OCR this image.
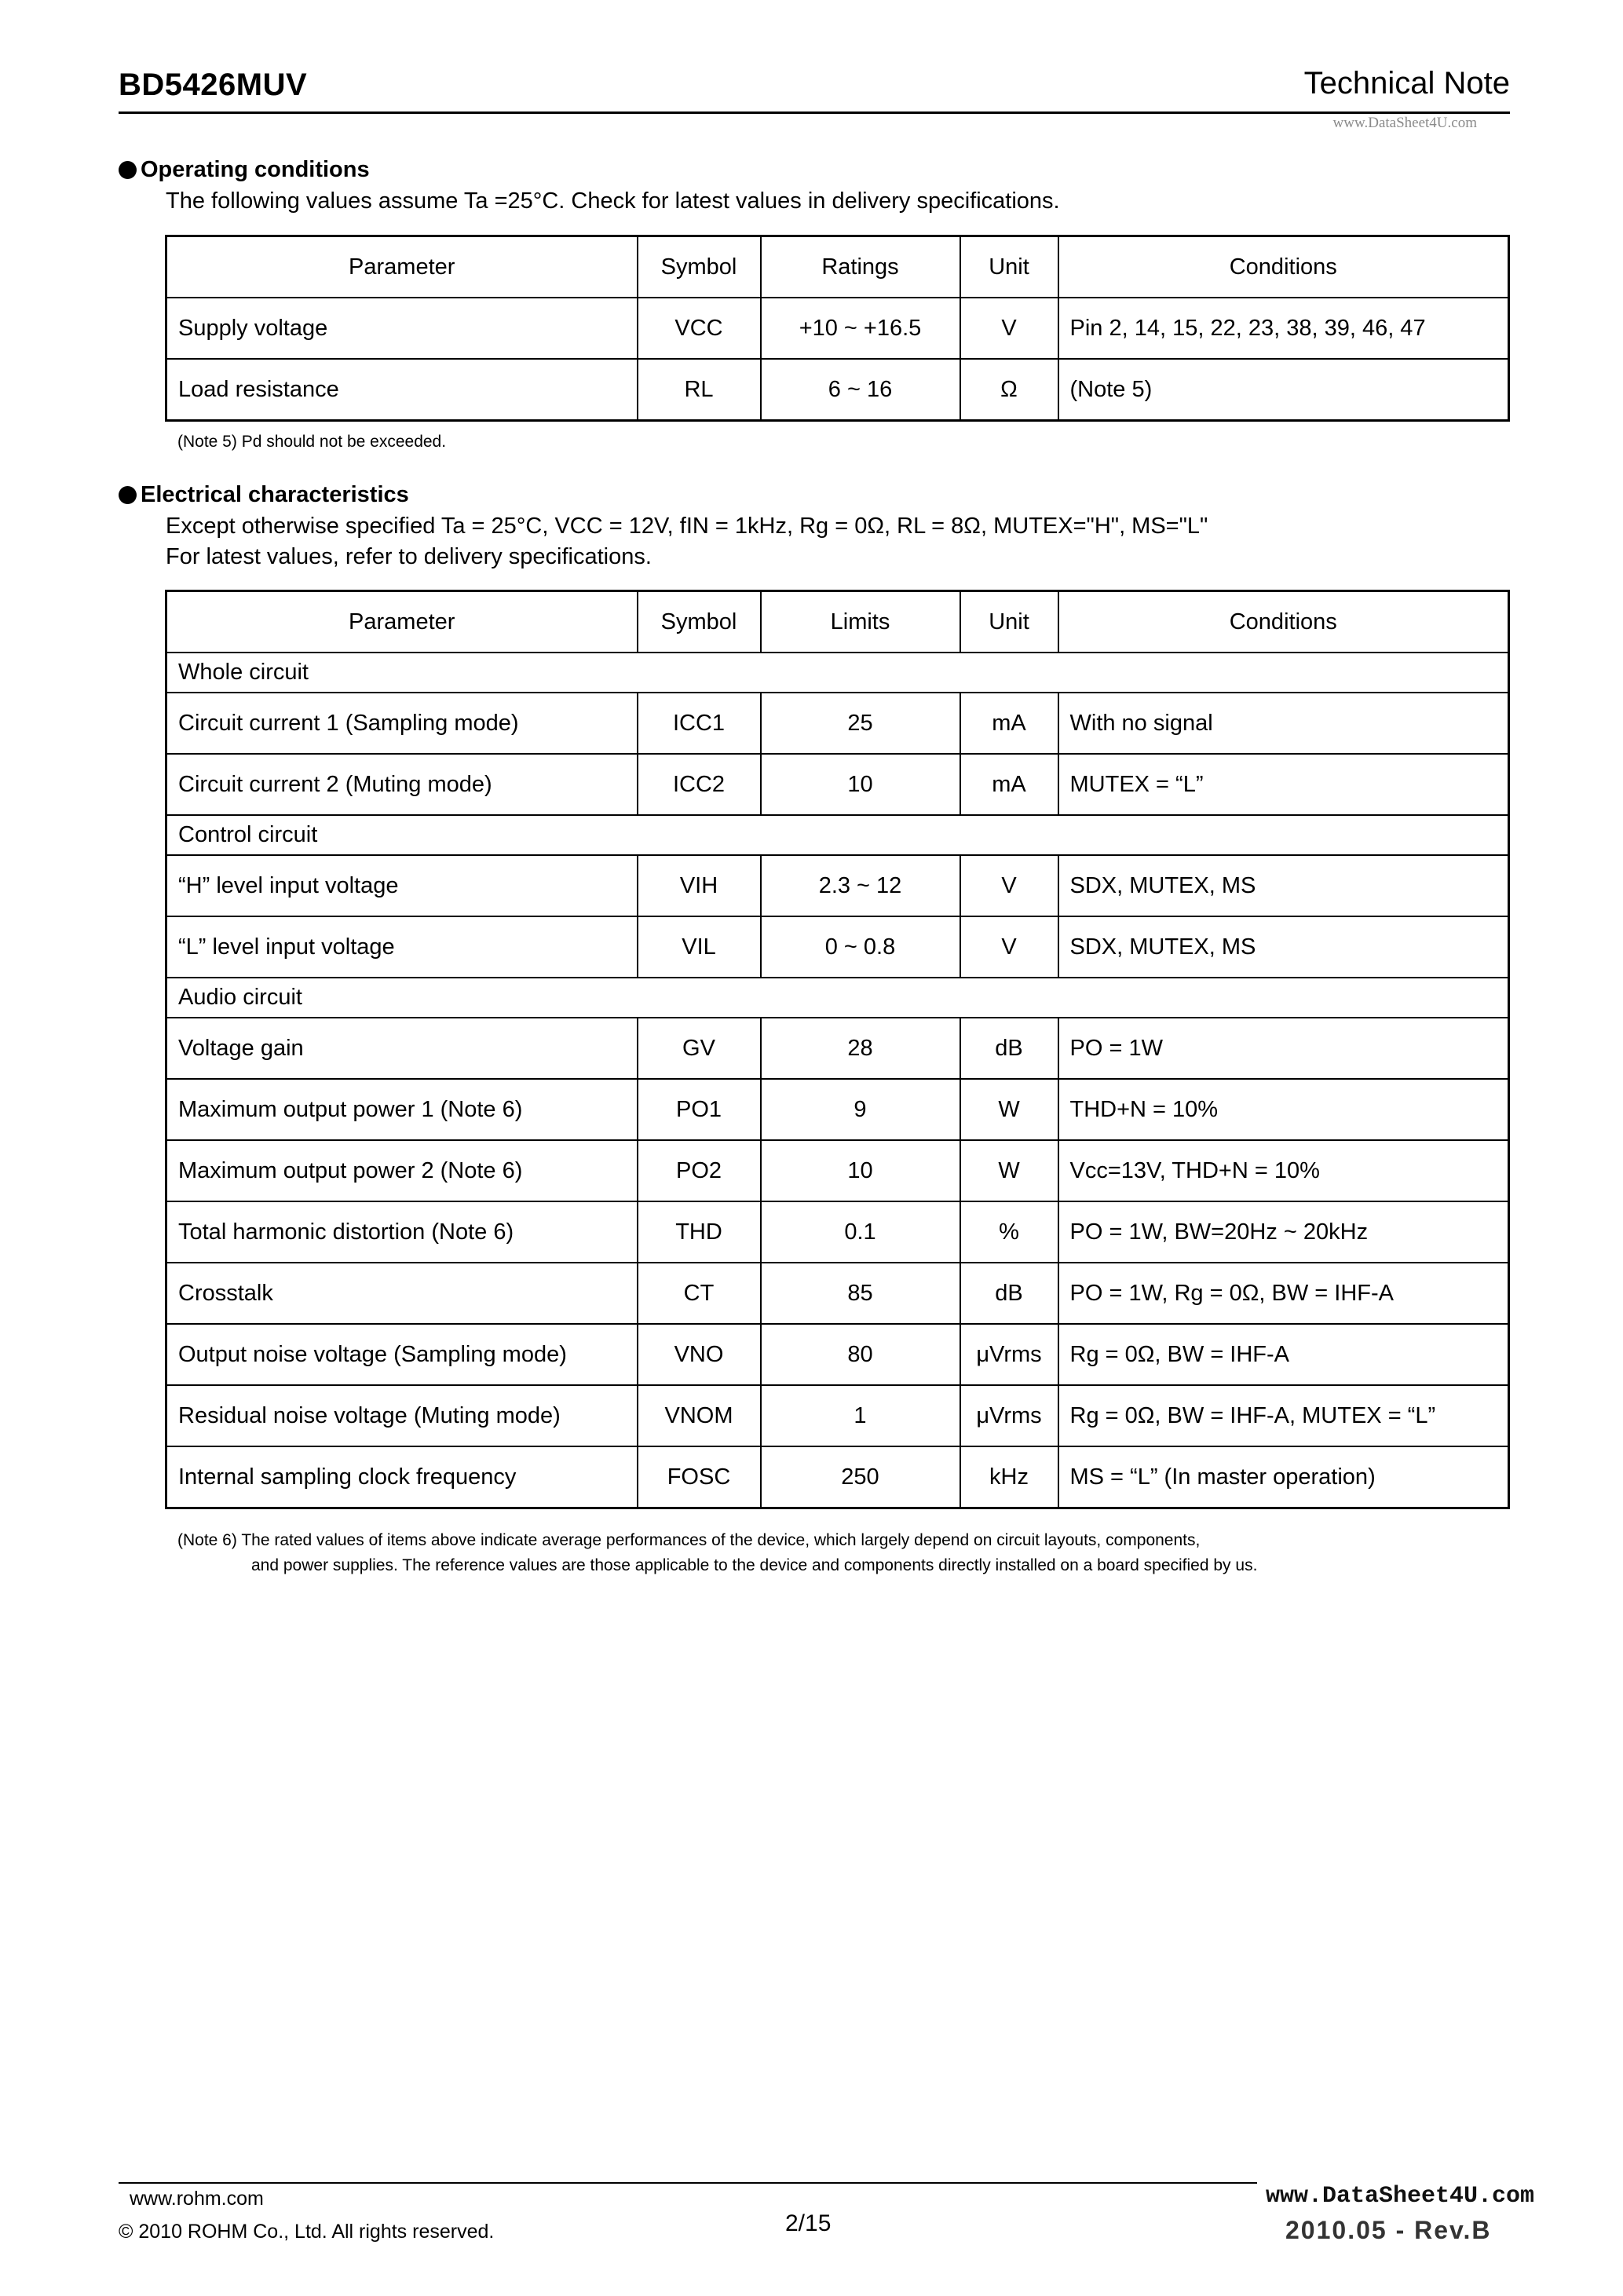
BD5426MUV	Technical Note
www.DataSheet4U.com
Operating conditions
The following values assume Ta =25°C. Check for latest values in delivery specifications.
Parameter	Symbol	Ratings	Unit	Conditions
Supply voltage	VCC	+10 ~ +16.5	V	Pin 2, 14, 15, 22, 23, 38, 39, 46, 47
Load resistance	RL	6 ~ 16	Ω	(Note 5)
(Note 5) Pd should not be exceeded.
Electrical characteristics
Except otherwise specified Ta = 25°C, VCC = 12V, fIN = 1kHz, Rg = 0Ω, RL = 8Ω, MUTEX="H", MS="L"
For latest values, refer to delivery specifications.
Parameter	Symbol	Limits	Unit	Conditions
Whole circuit				
Circuit current 1 (Sampling mode)	ICC1	25	mA	With no signal
Circuit current 2 (Muting mode)	ICC2	10	mA	MUTEX = “L”
Control circuit				
“H” level input voltage	VIH	2.3 ~ 12	V	SDX, MUTEX, MS
“L” level input voltage	VIL	0 ~ 0.8	V	SDX, MUTEX, MS
Audio circuit				
Voltage gain	GV	28	dB	PO = 1W
Maximum output power 1 (Note 6)	PO1	9	W	THD+N = 10%
Maximum output power 2 (Note 6)	PO2	10	W	Vcc=13V, THD+N = 10%
Total harmonic distortion (Note 6)	THD	0.1	%	PO = 1W, BW=20Hz ~ 20kHz
Crosstalk	CT	85	dB	PO = 1W, Rg = 0Ω, BW = IHF-A
Output noise voltage (Sampling mode)	VNO	80	μVrms	Rg = 0Ω, BW = IHF-A
Residual noise voltage (Muting mode)	VNOM	1	μVrms	Rg = 0Ω, BW = IHF-A, MUTEX = “L”
Internal sampling clock frequency	FOSC	250	kHz	MS = “L” (In master operation)
(Note 6) The rated values of items above indicate average performances of the device, which largely depend on circuit layouts, components,
and power supplies. The reference values are those applicable to the device and components directly installed on a board specified by us.
www.rohm.com
© 2010 ROHM Co., Ltd. All rights reserved.	2/15	2010.05 - Rev.B
www.DataSheet4U.com
